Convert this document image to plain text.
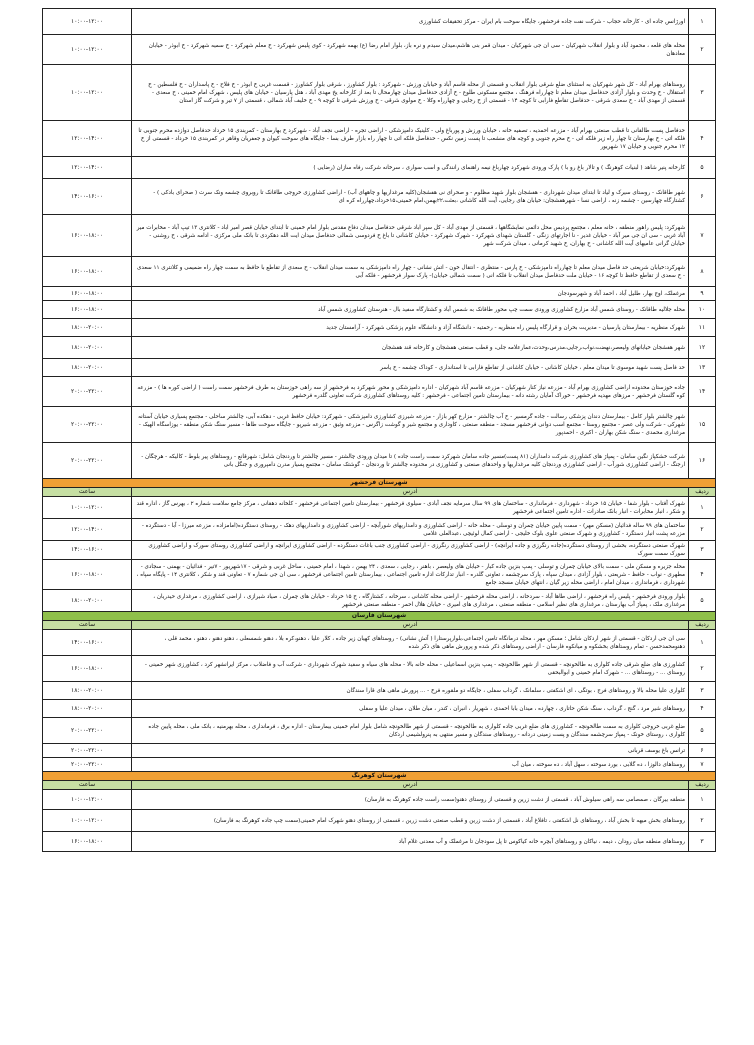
۱	اورژانس جاده ای - کارخانه حجاب - شرکت نفت جاده فرخشهر، جایگاه سوخت بام ایران - مرکز تحقیقات کشاورزی	۱۰:۰۰-۱۲:۰۰
۲	محله های قلعه ، محمود آباد و بلوار انقلاب شهرکیان - سی ان جی شهرکیان - میدان قمر بنی هاشم،میدان سیدم و نره باز، بلوار امام رضا (ع) بهمه شهرکرد - کوی پلیس شهرکرد - خ معلم شهرکرد - خ سمیه شهرکرد - خ ابوذر - خیابان معادهان	۱۰:۰۰-۱۲:۰۰
۳	روستاهای بهرام آباد - کل شهر شهرکیان به استثنای ضلع شرقی بلوار انقلاب و قسمتی از محله قاسم آباد و خیابان ورزش - شهرکرد : بلوار کشاورز ، شرقی بلوار کشاورز - قسمت غربی خ ابوذر - خ فلاح - خ پاسداران - خ فلسطین - خ استقلال - خ وحدت و بلوار آزادی حدفاصل میدان معلم تا چهارراه فرهنگ ، مجتمع مسکونی طلوع - خ آزادی حدفاصل میدان چهارمحال تا بعد از کارخانه یخ مهدی آباد ، هتل پارسیان - خیابان های پلیس ، شهرک امام خمینی ، خ سعدی - قسمتی از مهدی آباد - خ سعدی شرقی - حدفاصل تقاطع فارابی تا کوچه ۱۴ - قسمتی از خ رجایی و چهارراه وکلا - خ مولوی شرقی - خ ورزش شرقی تا کوچه ۹ - خ خلیف آباد شمالی ، قسمتی از ۷ تیر و شرکت گاز استان	۱۰:۰۰-۱۲:۰۰
۴	حدفاصل پست طالقانی تا قطب صنعتی بهرام آباد - مزرعه احمدیه ، تصفیه خانه ، خیابان ورزش و پورباغ ولی - کلینیک دامپزشکی - اراضی تجره - اراضی نجف آباد - شهرکرد خ بهارستان - کمربندی ۱۵ خرداد حدفاصل دوازده محرم جنوبی تا فلکه اتی - خ بهارستان تا چهار راه زیر فلکه اتی - خ محرم جنوبی و کوچه های منشعب تا پست زمین نکس - حدفاصل فلکه اتی تا چهار راه بازار طرف بسا - جایگاه های سوخت کیوان و جعفریان وقاهر در کمربندی ۱۵ خرداد - قسمتی از خ ۱۲ محرم جنوبی و خیابان ۱۷ شهریور	۱۲:۰۰-۱۴:۰۰
۵	کارخانه پنیر شاهد ( لبنیات کوهرنگ ) و تالار باغ رو با ) پارک ورودی شهرکرد چهارباغ نیمه راهنمای رانندگی و اسب سواری ، سرخانه شرکت رفاه سازان (رضایی )	۱۲:۰۰-۱۴:۰۰
۶	شهر طاقانک - روستای سیرک و لیاد تا ابتدای میدان شهرداری - هفشجان بلوار شهید مظلوم - و صحرای نی هفشجان(کلیه مرغداریها و چاههای آب) - اراضی کشاورزی خروجی طاقانک تا روبروی چشمه ونک سرت ( صحرای بادکی ) - کشتارگاه چهارسین - چشمه زنه ، اراضی نسا - شهرهفشجان: خیابان های رجایی، آیت الله کاشانی ،بعثت،۲۲بهمن،امام خمینی،۱۵خرداد،چهارراه کره ای	۱۴:۰۰-۱۶:۰۰
۷	شهرکرد: پلیس راهور منطقه ، خانه معلم ، مجتمع پردیس محل دائمی نمایشگاهها ، قسمتی از مهدی آباد - کل سپر اباد شرقی حدفاصل میدان دفاع مقدس بلوار امام خمینی تا ابتدای خیابان قصر امیر اباد - کلانتری ۱۳ تیپ آباد - مخابرات میر آباد غربی - سی ان جی میر آباد - خیابان غدیر - نا اجارتهای زنگی - گلستان شهدای شهرکرد - شهرک شهرکرد - خیابان کاشانی تا باغ خ فردوسی شمالی حدفاصل میدان ایت الله دهکردی تا بانک ملی مرکزی - ادامه شرقی ، خ روشنی - خیابان گرانی عامیهای آیت الله کاشانی - خ بهاران، خ شهید کرمانی ، میدان شرکت شهر	۱۶:۰۰-۱۸:۰۰
۸	شهرکرد:خیابان شریعتی حد فاصل میدان معلم تا چهارراه دامپزشکی - خ پارس - منتظری - انتقال خون - اتش نشانی - چهار راه دامپزشکی به سمت میدان انقلاب - خ سعدی از تقاطع با حافظ به سمت چهار راه ضمیمی و کلانتری ۱۱ سعدی - خ سعدی از تقاطع حافظ تا کوچه ۱۶ - خیابان ملت حدفاصل میدان انقلاب تا فلکه انی ( سمت شمالی خیابان)- پارک سوار فرخشهر - فلکه آبی	۱۶:۰۰-۱۸:۰۰
۹	مرغملک، اوج بهار، طلیل آباد ، احمد آباد و شهرسودجان	۱۶:۰۰-۱۸:۰۰
۱۰	محله جلالیه طاقانک - روستای شمس آباد مزارع کشاورزی ورودی سمت چپ محور طاقانک به شمس آباد و کشتارگاه سفید بال - هنرستان کشاورزی شمس آباد	۱۶:۰۰-۱۸:۰۰
۱۱	شهرک منظریه - بیمارستان پارسیان - مدیریت بحران و قرارگاه پلیس راه منظریه - رحمتیه - دانشگاه آزاد و دانشگاه علوم پزشکی شهرکرد - آرامستان جدید	۱۸:۰۰-۲۰:۰۰
۱۲	شهر هفشجان خیابانهای ولیعصر،نهضت،نواب،رجایی،مدرس،وحدت،عمارعلامه جلی، و قطب صنعتی هفشجان و کارخانه قند هفشجان	۱۸:۰۰-۲۰:۰۰
۱۳	حد فاصل پست شهید موسوی تا میدان معلم ، خیابان کاشانی - خیابان کاشانی از تقاطع فارابی تا استانداری - کوداک چشمه - خ یاسر	۱۸:۰۰-۲۰:۰۰
۱۴	جاده خوزستان محدوده اراضی کشاورزی بهرام آباد - مزرعه نیاز کنار شهرکیان - مزرعه قاسم آباد شهرکیان - اداره دامپزشکی و محور شهرکرد به فرخشهر از سه راهی خوزستان به طرف فرخشهر سمت راست ( اراضی کوره ها ) - مزرعه کوه گلستان فرخشهر - مرزهای مهدیه فرخشهر - خوراک آمایان رشته دانه - بیمارستان تامین اجتماعی - فرخشهر : کلیه روستاهای کشاورزی شرکت تعاونی گلدره فرخشهر	۲۰:۰۰-۲۲:۰۰
۱۵	شهر چالشتر بلوار کامل - بیمارستان دندان پزشکی رسالت - جاده گرمسیر - خ آب چالشتر - مزارع کهر بازار - مزرعه شیرزی کشاورزی دامپزشکی - شهرکرد: خیابان حافظ غربی - دهکده آبی، چالشتر ساحلی - مجتمع پسیاری خیابان آستانه شهرکی - شرکت ولی عصر - مجتمع روستا - مجتمع اسب دوانی فرخشهر مسجد - منطقه صنعتی ، کاوداری و مجتمع شیر و گوشت زاگرس - مزرعه وثیق - مزرعه شیرپو - جایگاه سوخت طاها - مسیر سنگ شکن منطقه - یوزاسگاه الهیک - مرغداری محمدی - سنگ شکن بهاران - اکبری - احمدپور	۲۰:۰۰-۲۲:۰۰
۱۶	شرکت خشکپاز نگین سامان - پمپاژ های کشاورزی شرکت دامداران (۸۱ پست)مسیر جاده سامان شهرکرد سمت راست جاده ) تا میدان ورودی چالشتر - مسیر چالشتر تا وردنجان شامل: شهرقانع - روستاهای پیر بلوط - کالیکه - هرچگان - ارجنگ - اراضی کشاورزی شورآب - اراضی کشاورزی وردنجان کلیه مرغداریها و واحدهای صنعتی و کشاورزی در محدوده چالشتر تا وردنجان - گوشتک سامان - مجتمع پسیار مدرن دامپروری و جنگل بانی	۲۰:۰۰-۲۲:۰۰
شهرستان فرخشهر		
ردیف	آدرس	ساعت
۱	شهرک آفتاب - بلوار شفا - خیابان ۱۵ خرداد - شهرداری - فرمانداری - ساختمان های ۹۹ سال سرمایه نجف آبادی - سیلوی فرخشهر - بیمارستان تامین اجتماعی فرخشهر - کلخانه دهقانی ، مرکز جامع سلامت شماره ۲ ، بهرس گاز ، اداره قند و شکر ، انبار مخابرات - انبار بانک صادرات - اداره تامین اجتماعی فرخشهر	۱۰:۰۰-۱۲:۰۰
۲	ساختمان های ۹۹ ساله فدائیان (مسکن مهر) - سمت پایین خیابان چمران و توسلی - محله خانه - اراضی کشاورزی و دامداریهای شورآبچه - اراضی کشاورزی و دامداریهای دهک - روستای دستگرده(امامزاده ، مزرعه میرزا - آبا - دستگرده - مزرعه پشت انبار دستگرد - کشاورزی و شهرک صنعتی علوی بلوک خلیجی - اراضی کمال لوئیچی ،عبدالعلی غلامی	۱۲:۰۰-۱۴:۰۰
۳	شهرک صنعتی دستگرده، بخشی از روستای دستگرده(جاده رنگرزی و جاده ایرانچه) - اراضی کشاورزی رنگرزی - اراضی کشاورزی جنب باغات دستگرده - اراضی کشاورزی ایرانچه و اراضی کشاورزی روستای سورک و اراضی کشاورزی سورک سمت سورک	۱۴:۰۰-۱۶:۰۰
۴	محله جزیره و مسکن ملی - سمت بالای خیابان چمران و توسلی - پمپ بنزین جاده کبار - خیابان های ولیعصر ، باهنر ، رجایی ، سعدی ، ۲۴ بهمن ، شهدا ، امام خمینی ، ساحل غربی و شرقی - ۱۷شهریور - ۷تیر - فدائیان - بهمنی - سجادی - مطهری - نواب - حافظ - شریعتی ، بلوار آزادی ، میدان سپاه ، پارک سرچشمه ، تعاونی گلدره - انبار تدارکات اداره تامین اجتماعی ، بیمارستان تامین اجتماعی فرخشهر ، سی ان جی شماره ۷ - تعاونی قند و شکر ، کلانتری ۱۴ - پایگاه سپاه ، شهرداری ، فرمانداری ، میدان امام ، اراضی محله زیر گیان ، انتهای خیابان مسجد جامع	۱۶:۰۰-۱۸:۰۰
۵	بلوار ورودی فرخشهر - پلیس راه فرخشهر ، اراضی طاها آباد - سردخانه ، اراضی محله فرخشهر - اراضی محله کاشانی ، سرخانه ، کشتارگاه ، خ ۱۵ خرداد - خیابان های چمران ، صیاد شیرازی ، اراضی کشاورزی ، مرغداری حیدریان ، مرغداری ملک ، پمپاژ آب بهارستان ، مرغداری های نظیر اسلامی - منطقه صنعتی ، مرغداری های امیری - خیابان هلال احمر - منطقه صنعتی فرخشهر	۱۸:۰۰-۲۰:۰۰
شهرستان فارسان		
ردیف	آدرس	ساعت
۱	سی ان جی اردکان - قسمتی از شهر اردکان شامل ؛ مسکن مهر ، محله درمانگاه تامین اجتماعی،بلوارپرستارا ( آتش نشانی) - روستاهای کهیان زیر جاده ، کلار علیا ، دهنو،کره بلا ، دهنو شمسعلی ، دهنو دهنو ، دهنو ، محمد قلی ، دهنومحمدحسن - تمام روستاهای بخشکوه و میانکوه فارسان - اراضی روستاهای ذکر شده و پرورش ماهی های ذکر شده	۱۴:۰۰-۱۶:۰۰
۲	کشاورزی های ضلع شرقی جاده کلواری به طالخونچه - قسمتی از شهر طالخونچه - پمپ بنزین اسماعیلی - محله خانه بالا - محله های سیاه و سفید شهرک شهرداری - شرکت آب و فاضلاب ، مرکز ایرانشهر کرد ، کشاورزی شهر خمینی - روستای ... - روستاهای ... - شهرک امام خمینی و ابوالبحقی	۱۶:۰۰-۱۸:۰۰
۳	کلواری علیا محله بالا و روستاهای فرج ، بوتگی ، ای اشکفتی ، سلمانک ، گرداب سفلی ، جایگاه دو ملقوره فرخ - ... پرورش ماهی های قارا سندگان	۱۸:۰۰-۲۰:۰۰
۴	روستاهای شیر مرد ، گنج ، گرداب ، سنگ شکن حاتاری ، چهارده ، میدان بابا احمدی ، شهریار ، انبران ، کندر ، میان طلان ، میدان علیا و سفلی	۱۸:۰۰-۲۰:۰۰
۵	ضلع غربی خروجی کلواری به سمت طالخونچه - کشاورزی های ضلع غربی جاده کلواری به طالخونچه - قسمتی از شهر طالخونچه شامل بلوار امام خمینی بیمارستان - اداره برق ، فرمانداری ، محله بهرمنیه ، بانک ملی ، محله پایین جاده کلواری ، روستای خونک - پمپاژ سرچشمه سندگان و پست زمینی دردانه - روستاهای سندگان و مسیر منتهی به پنرولشیمی اردکان	۲۰:۰۰-۲۲:۰۰
۶	ترانس باغ یوسف قربانی	۲۰:۰۰-۲۲:۰۰
۷	روستاهای دالوزا ، ده گلابی ، بورد سوخته ، سهل آباد ، ده سوخته ، میان آب	۲۰:۰۰-۲۲:۰۰
شهرستان کوهرنگ		
ردیف	آدرس	ساعت
۱	منطقه بیرگان ، صمصامی سه راهی سیلوش آباد ، قسمتی از دشت زرین و قسمتی از روستای دهنو(سمت راست جاده کوهرنگ به فارسان)	۱۰:۰۰-۱۲:۰۰
۲	روستاهای بخش میهه تا بخش آباد ، روستاهای نل اشکفتی ، تافلاغ آباد ، قسمتی از دشت زرین و قطب صنعتی دشت زرین ، قسمتی از روستای دهنو شهرک امام خمینی(سمت چپ جاده کوهرنگ به فارسان)	۱۰:۰۰-۱۲:۰۰
۳	روستاهای منطقه میان رودان ، دیمه ، نیاکان و روستاهای آبچره خانه کیاکوس تا پل سودجان تا مرغملک و آب معدنی غلام آباد	۱۶:۰۰-۱۸:۰۰
